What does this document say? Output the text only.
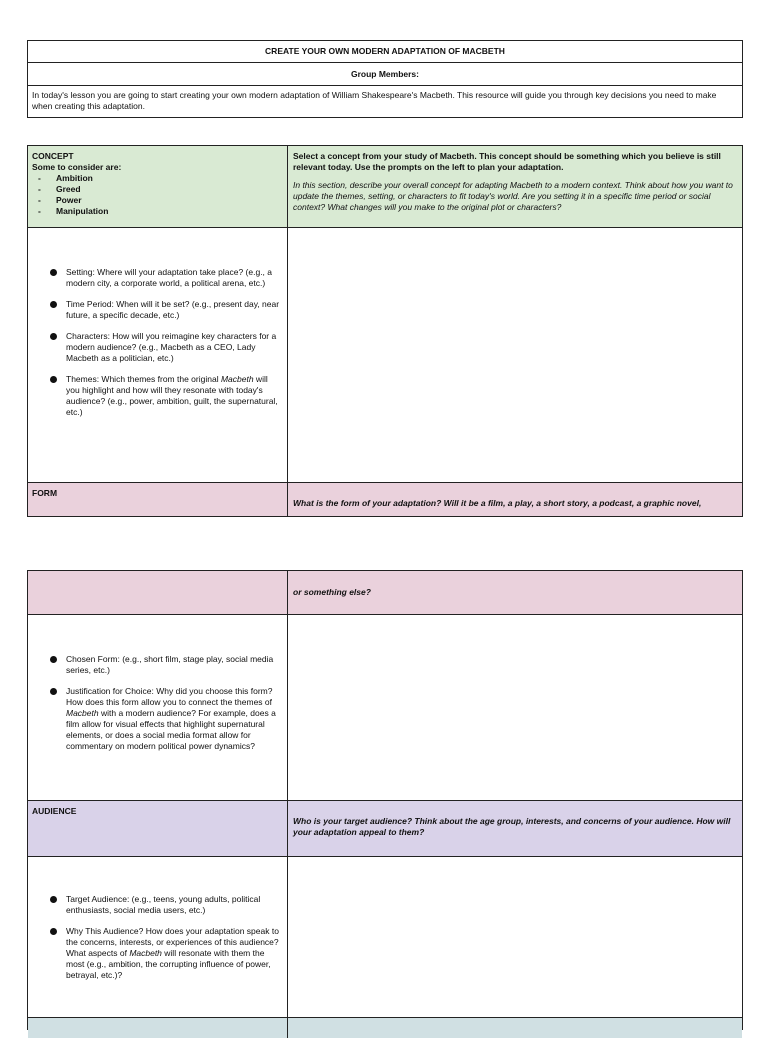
CREATE YOUR OWN MODERN ADAPTATION OF MACBETH
Group Members:
In today's lesson you are going to start creating your own modern adaptation of William Shakespeare's Macbeth. This resource will guide you through key decisions you need to make when creating this adaptation.
CONCEPT
Some to consider are:
- Ambition
- Greed
- Power
- Manipulation
Select a concept from your study of Macbeth. This concept should be something which you believe is still relevant today. Use the prompts on the left to plan your adaptation.
In this section, describe your overall concept for adapting Macbeth to a modern context. Think about how you want to update the themes, setting, or characters to fit today's world. Are you setting it in a specific time period or social context? What changes will you make to the original plot or characters?
Setting: Where will your adaptation take place? (e.g., a modern city, a corporate world, a political arena, etc.)
Time Period: When will it be set? (e.g., present day, near future, a specific decade, etc.)
Characters: How will you reimagine key characters for a modern audience? (e.g., Macbeth as a CEO, Lady Macbeth as a politician, etc.)
Themes: Which themes from the original Macbeth will you highlight and how will they resonate with today's audience? (e.g., power, ambition, guilt, the supernatural, etc.)
FORM
What is the form of your adaptation? Will it be a film, a play, a short story, a podcast, a graphic novel,
or something else?
Chosen Form: (e.g., short film, stage play, social media series, etc.)
Justification for Choice: Why did you choose this form? How does this form allow you to connect the themes of Macbeth with a modern audience? For example, does a film allow for visual effects that highlight supernatural elements, or does a social media format allow for commentary on modern political power dynamics?
AUDIENCE
Who is your target audience? Think about the age group, interests, and concerns of your audience. How will your adaptation appeal to them?
Target Audience: (e.g., teens, young adults, political enthusiasts, social media users, etc.)
Why This Audience? How does your adaptation speak to the concerns, interests, or experiences of this audience? What aspects of Macbeth will resonate with them the most (e.g., ambition, the corrupting influence of power, betrayal, etc.)?
